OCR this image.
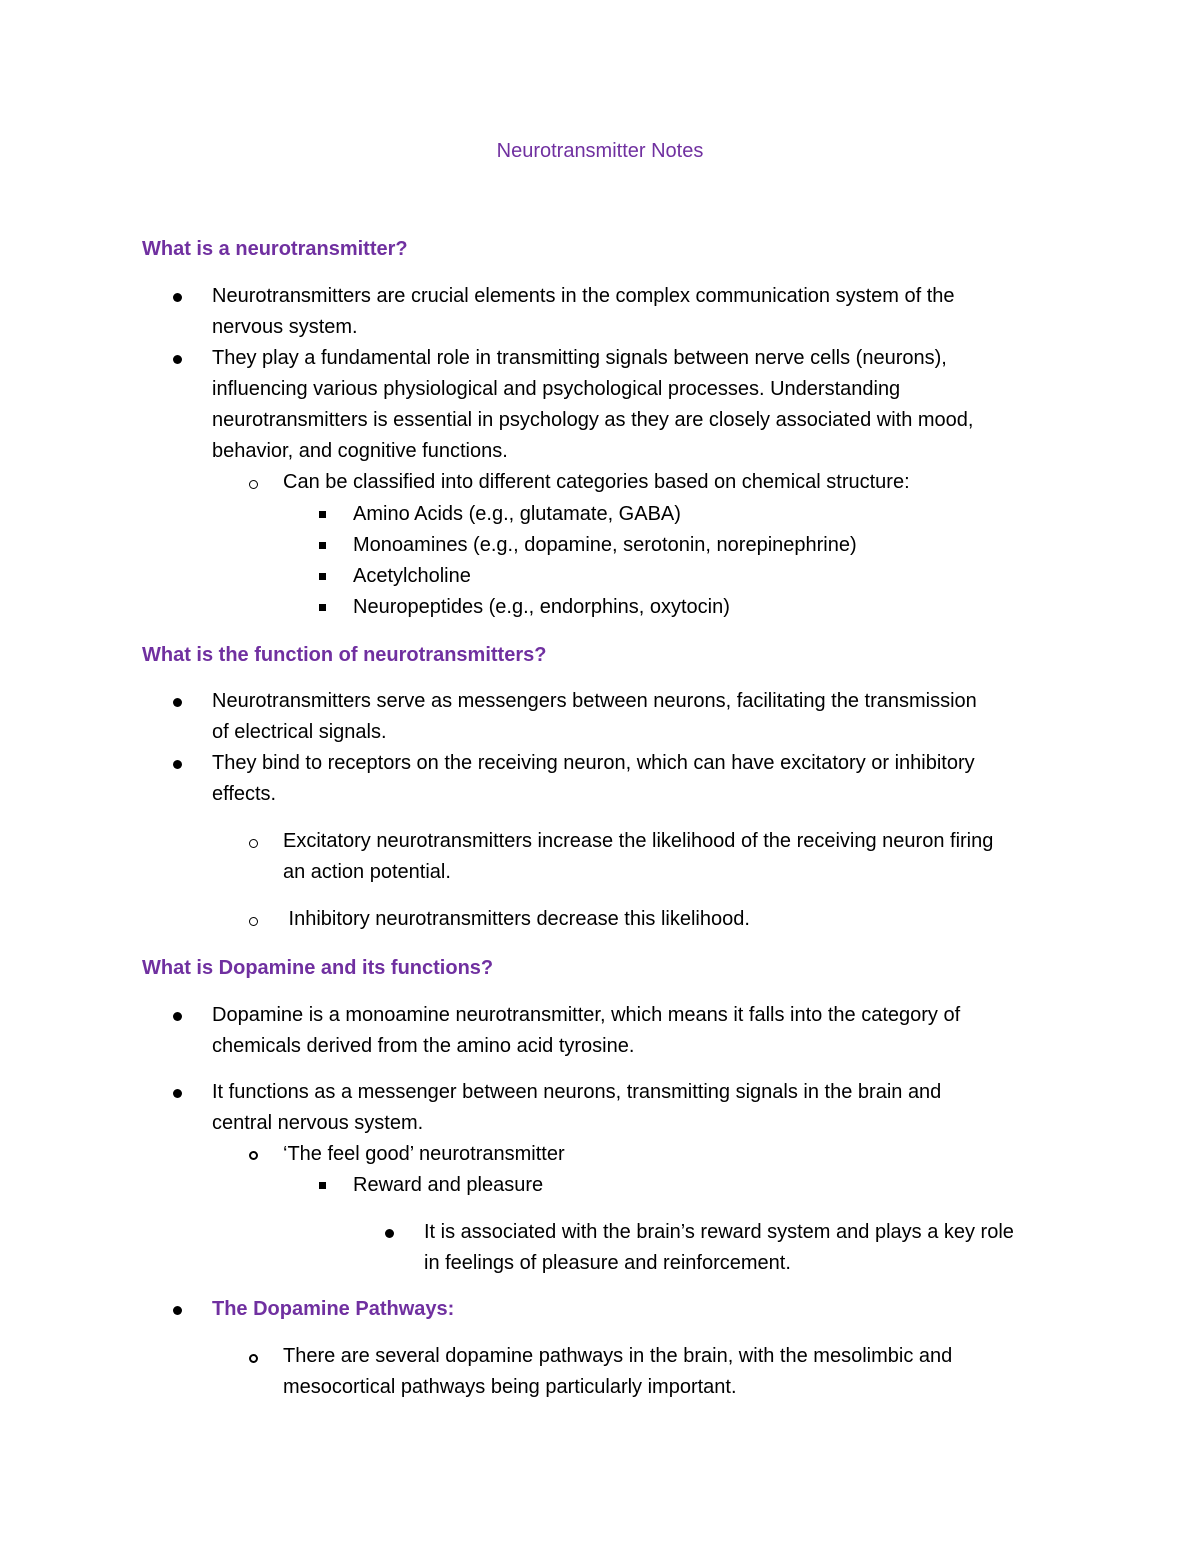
Neurotransmitter Notes
What is a neurotransmitter?
Neurotransmitters are crucial elements in the complex communication system of the
nervous system.
They play a fundamental role in transmitting signals between nerve cells (neurons),
influencing various physiological and psychological processes. Understanding
neurotransmitters is essential in psychology as they are closely associated with mood,
behavior, and cognitive functions.
Can be classified into different categories based on chemical structure:
Amino Acids (e.g., glutamate, GABA)
Monoamines (e.g., dopamine, serotonin, norepinephrine)
Acetylcholine
Neuropeptides (e.g., endorphins, oxytocin)
What is the function of neurotransmitters?
Neurotransmitters serve as messengers between neurons, facilitating the transmission
of electrical signals.
They bind to receptors on the receiving neuron, which can have excitatory or inhibitory
effects.
Excitatory neurotransmitters increase the likelihood of the receiving neuron firing
an action potential.
Inhibitory neurotransmitters decrease this likelihood.
What is Dopamine and its functions?
Dopamine is a monoamine neurotransmitter, which means it falls into the category of
chemicals derived from the amino acid tyrosine.
It functions as a messenger between neurons, transmitting signals in the brain and
central nervous system.
‘The feel good’ neurotransmitter
Reward and pleasure
It is associated with the brain’s reward system and plays a key role
in feelings of pleasure and reinforcement.
The Dopamine Pathways:
There are several dopamine pathways in the brain, with the mesolimbic and
mesocortical pathways being particularly important.
